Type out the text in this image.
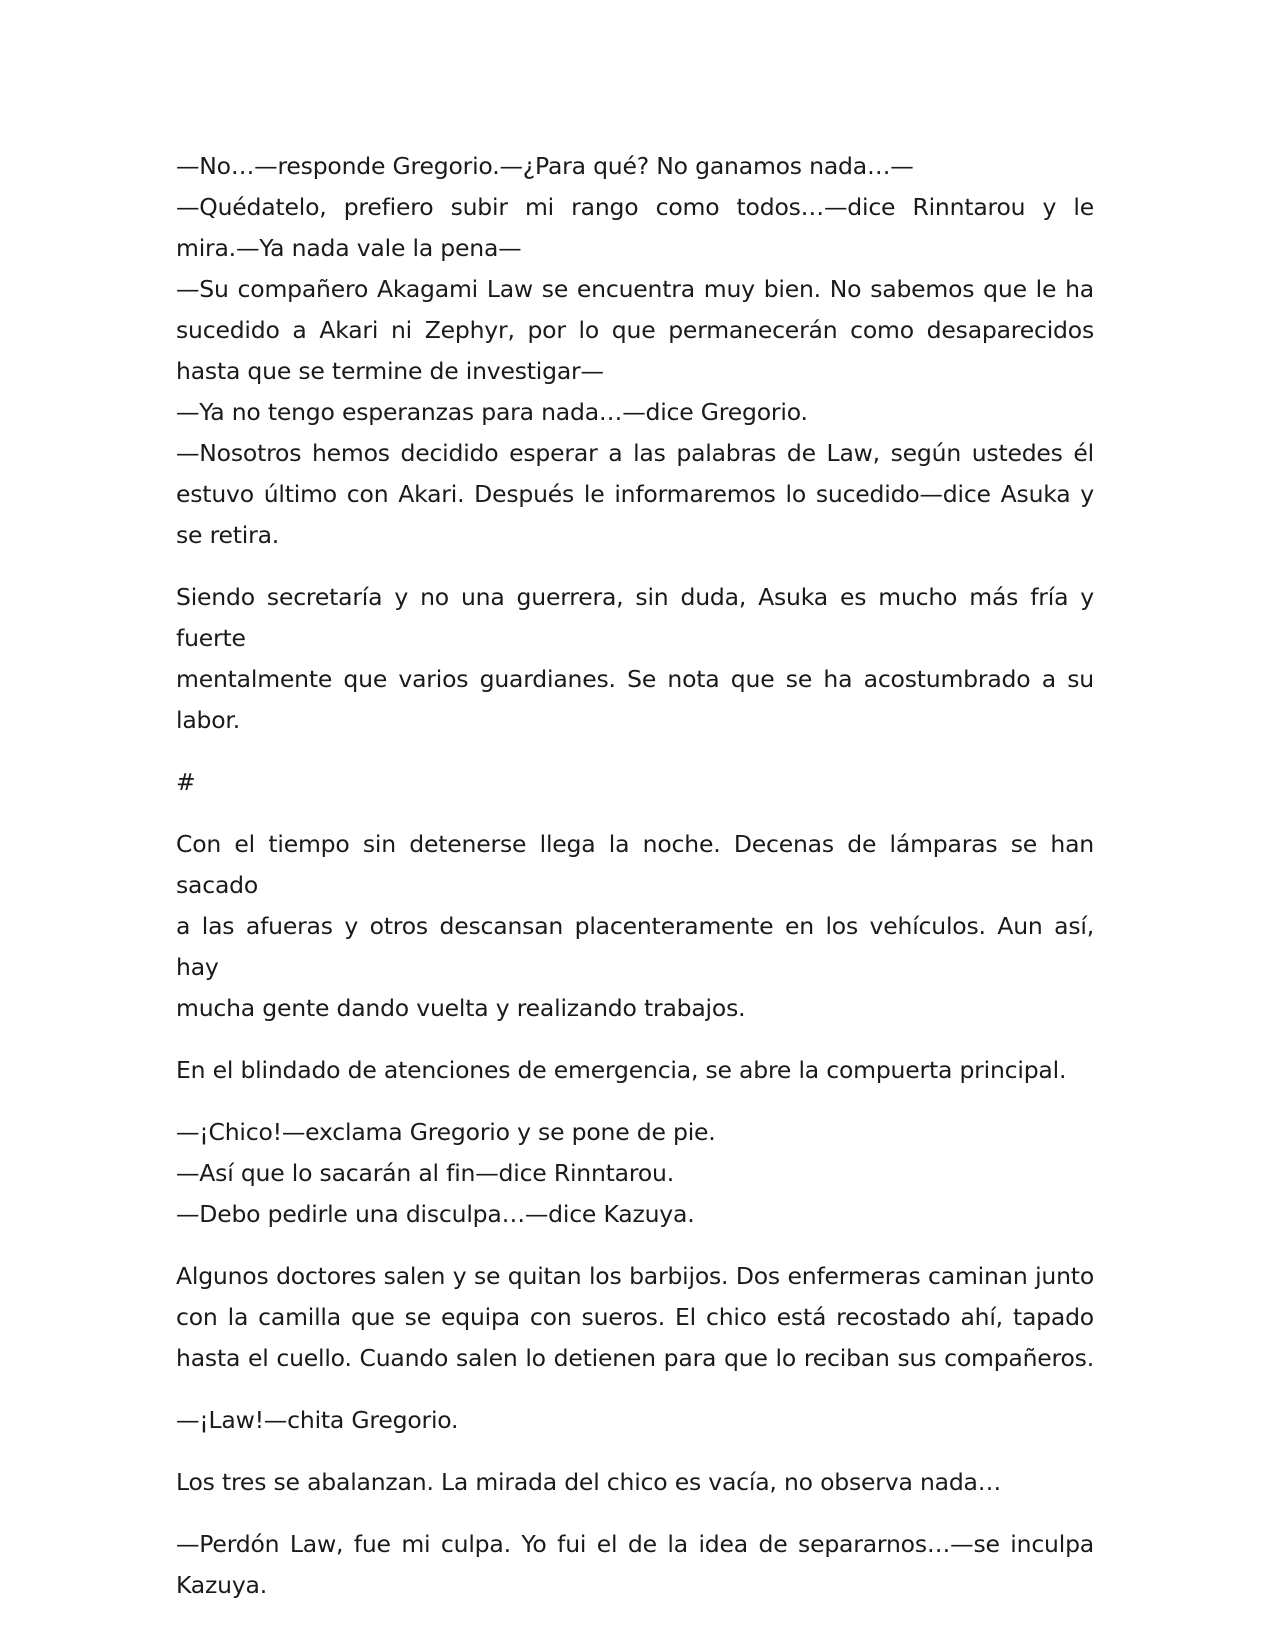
—No…—responde Gregorio.—¿Para qué? No ganamos nada…—
—Quédatelo, prefiero subir mi rango como todos…—dice Rinntarou y le
mira.—Ya nada vale la pena—
—Su compañero Akagami Law se encuentra muy bien. No sabemos que le ha
sucedido a Akari ni Zephyr, por lo que permanecerán como desaparecidos
hasta que se termine de investigar—
—Ya no tengo esperanzas para nada…—dice Gregorio.
—Nosotros hemos decidido esperar a las palabras de Law, según ustedes él
estuvo último con Akari. Después le informaremos lo sucedido—dice Asuka y
se retira.
Siendo secretaría y no una guerrera, sin duda, Asuka es mucho más fría y fuerte
mentalmente que varios guardianes. Se nota que se ha acostumbrado a su
labor.
#
Con el tiempo sin detenerse llega la noche. Decenas de lámparas se han sacado
a las afueras y otros descansan placenteramente en los vehículos. Aun así, hay
mucha gente dando vuelta y realizando trabajos.
En el blindado de atenciones de emergencia, se abre la compuerta principal.
—¡Chico!—exclama Gregorio y se pone de pie.
—Así que lo sacarán al fin—dice Rinntarou.
—Debo pedirle una disculpa…—dice Kazuya.
Algunos doctores salen y se quitan los barbijos. Dos enfermeras caminan junto
con la camilla que se equipa con sueros. El chico está recostado ahí, tapado
hasta el cuello. Cuando salen lo detienen para que lo reciban sus compañeros.
—¡Law!—chita Gregorio.
Los tres se abalanzan. La mirada del chico es vacía, no observa nada…
—Perdón Law, fue mi culpa. Yo fui el de la idea de separarnos…—se inculpa
Kazuya.
